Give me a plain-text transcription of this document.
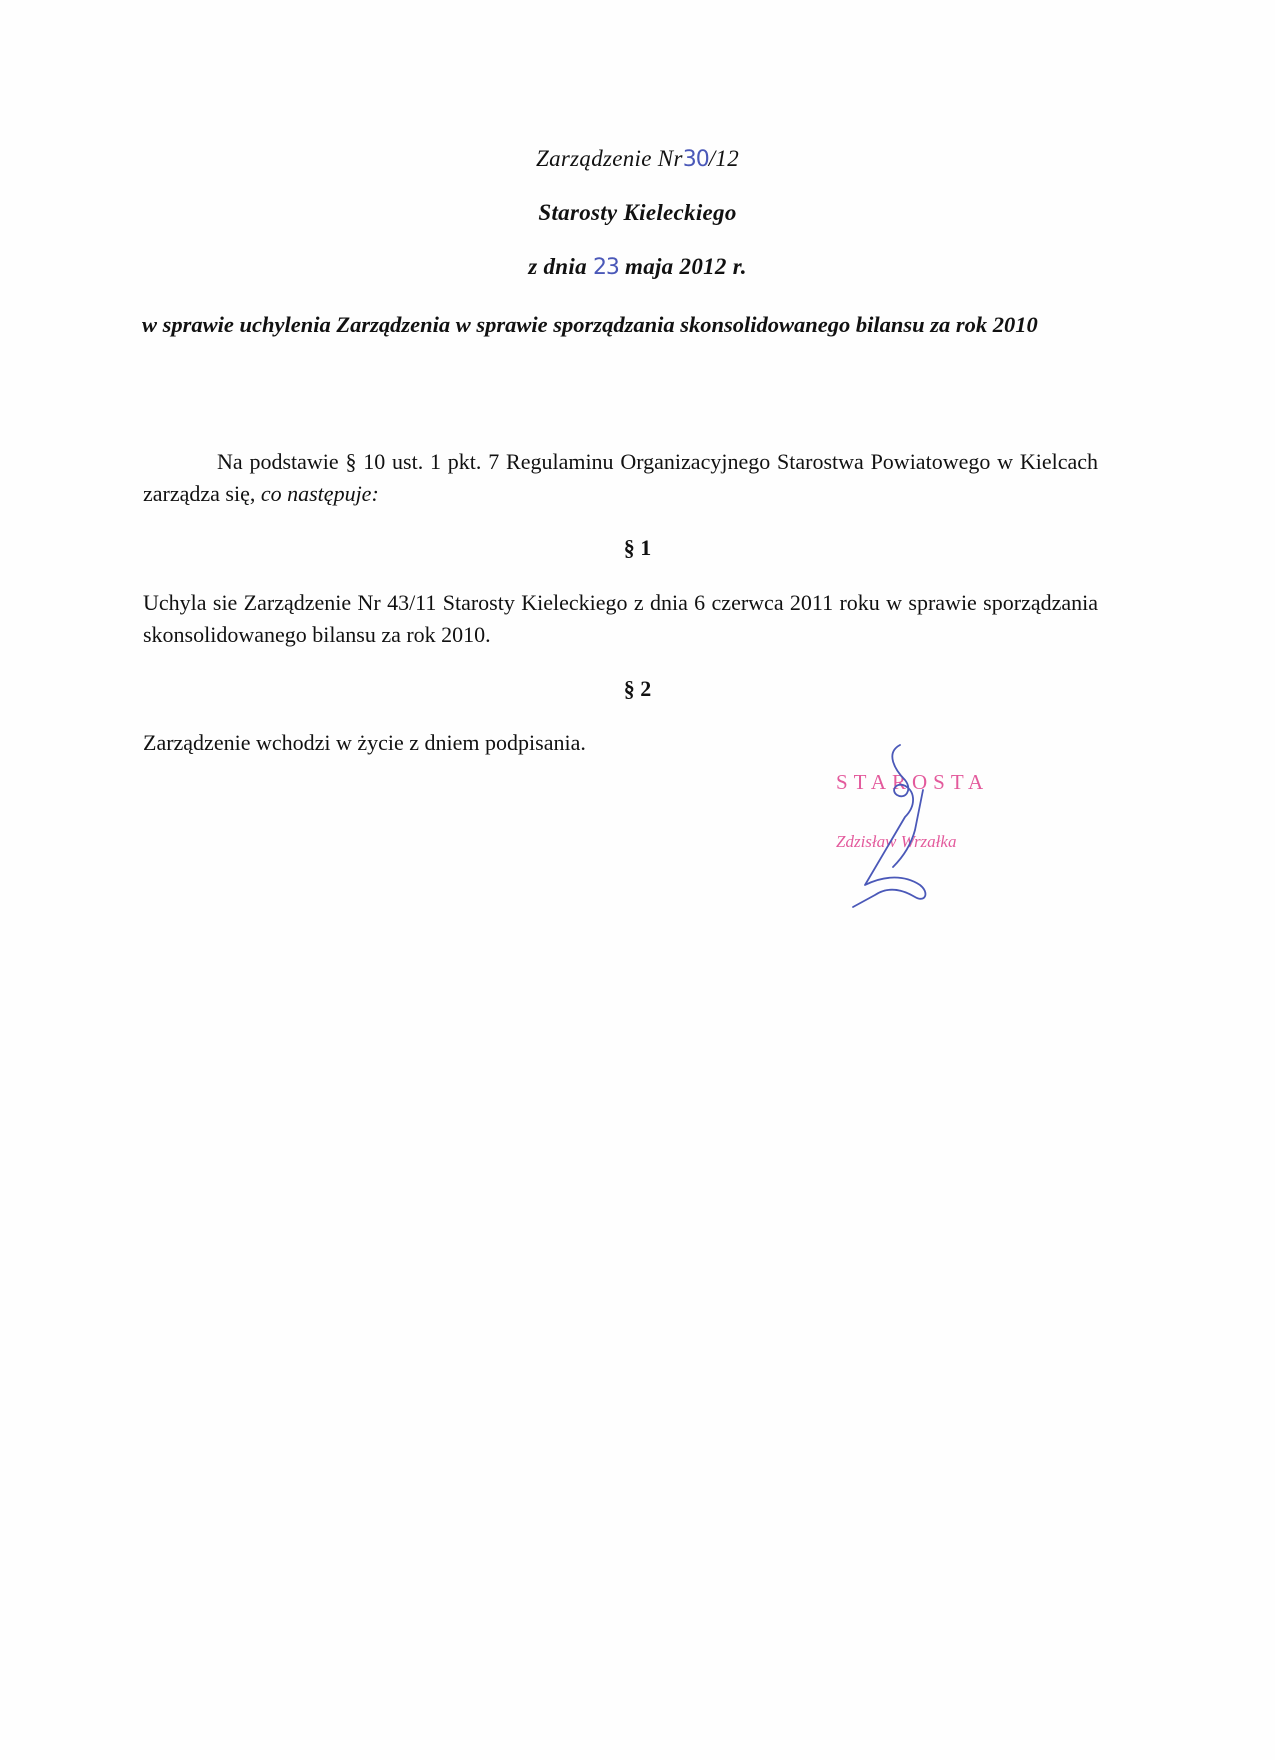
Zarządzenie Nr30/12
Starosty Kieleckiego
z dnia 23 maja 2012 r.
w sprawie uchylenia Zarządzenia w sprawie sporządzania skonsolidowanego bilansu za rok 2010
Na podstawie § 10 ust. 1 pkt. 7 Regulaminu Organizacyjnego Starostwa Powiatowego w Kielcach zarządza się, co następuje:
§ 1
Uchyla sie Zarządzenie Nr 43/11 Starosty Kieleckiego z dnia 6 czerwca 2011 roku w sprawie sporządzania skonsolidowanego bilansu za rok 2010.
§ 2
Zarządzenie wchodzi w życie z dniem podpisania.
STAROSTA
Zdzisław Wrzałka
